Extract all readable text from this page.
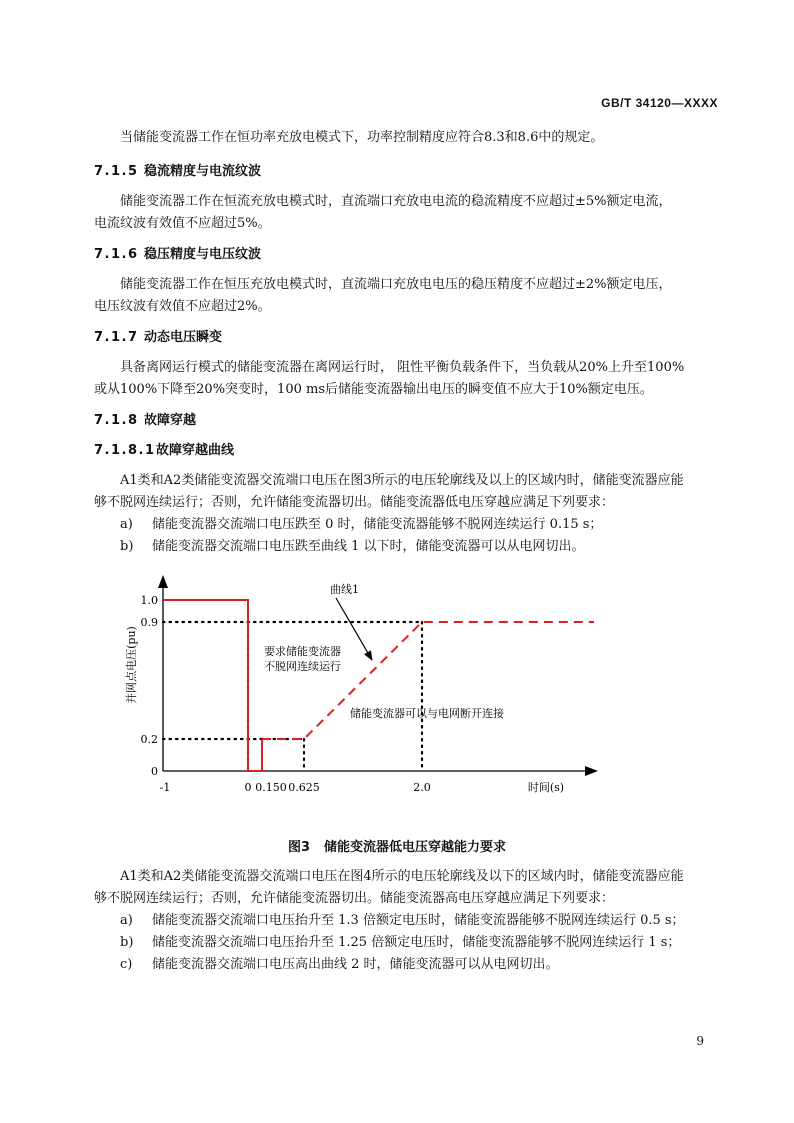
GB/T 34120—XXXX
当储能变流器工作在恒功率充放电模式下，功率控制精度应符合8.3和8.6中的规定。
7.1.5 稳流精度与电流纹波
储能变流器工作在恒流充放电模式时，直流端口充放电电流的稳流精度不应超过±5%额定电流，
电流纹波有效值不应超过5%。
7.1.6 稳压精度与电压纹波
储能变流器工作在恒压充放电模式时，直流端口充放电电压的稳压精度不应超过±2%额定电压，
电压纹波有效值不应超过2%。
7.1.7 动态电压瞬变
具备离网运行模式的储能变流器在离网运行时， 阻性平衡负载条件下，当负载从20%上升至100%
或从100%下降至20%突变时，100 ms后储能变流器输出电压的瞬变值不应大于10%额定电压。
7.1.8 故障穿越
7.1.8.1故障穿越曲线
A1类和A2类储能变流器交流端口电压在图3所示的电压轮廓线及以上的区域内时，储能变流器应能
够不脱网连续运行；否则，允许储能变流器切出。储能变流器低电压穿越应满足下列要求：
a) 储能变流器交流端口电压跌至 0 时，储能变流器能够不脱网连续运行 0.15 s；
b) 储能变流器交流端口电压跌至曲线 1 以下时，储能变流器可以从电网切出。
-1	0 0.150 0.625	2.0
0
0.2
0.9
1.0
并网点电压(pu)
时间(s)
曲线1
要求储能变流器
不脱网连续运行
储能变流器可以与电网断开连接
图3 储能变流器低电压穿越能力要求
A1类和A2类储能变流器交流端口电压在图4所示的电压轮廓线及以下的区域内时，储能变流器应能
够不脱网连续运行；否则，允许储能变流器切出。储能变流器高电压穿越应满足下列要求：
a) 储能变流器交流端口电压抬升至 1.3 倍额定电压时，储能变流器能够不脱网连续运行 0.5 s；
b) 储能变流器交流端口电压抬升至 1.25 倍额定电压时，储能变流器能够不脱网连续运行 1 s；
c) 储能变流器交流端口电压高出曲线 2 时，储能变流器可以从电网切出。
9
